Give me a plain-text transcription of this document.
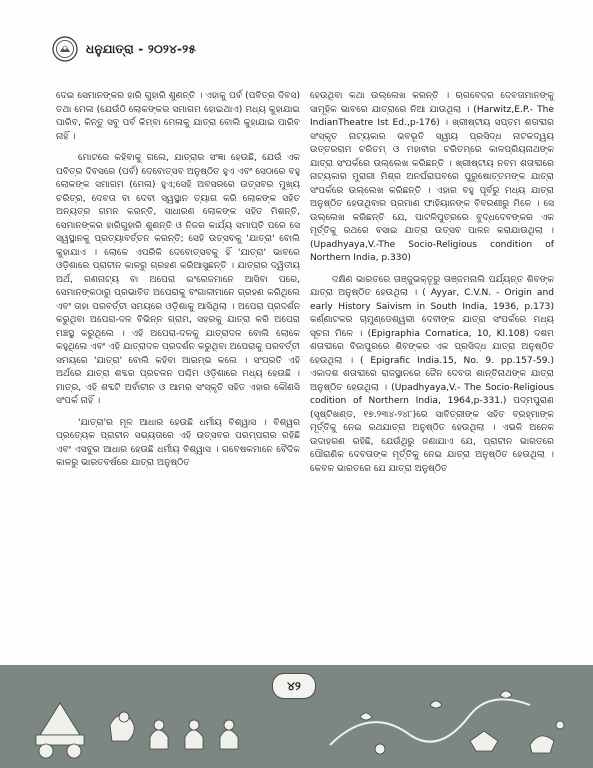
ଧନୁଯାତ୍ରା - ୨୦୨୪-୨୫

ଦେଇ ସେମାନଙ୍କର ହାରି ଗୁହାରି ଶୁଣନ୍ତି । ଏହାକୁ ପର୍ବ (ପବିତ୍ର ଦିବସ) ତଥା ମେଳା (ଯେଉଁଠି ଲୋକଙ୍କର ସମାଗମ ହୋଇଥାଏ) ମଧ୍ୟ କୁହାଯାଇ ପାରିବ, କିନ୍ତୁ ସବୁ ପର୍ବ କିମ୍ବା ମେଳାକୁ ଯାତ୍ରା ବୋଲି କୁହାଯାଇ ପାରିବ ନାହିଁ ।

ମୋଟରେ କହିବାକୁ ଗଲେ, ଯାତ୍ରାର ସଂଜ୍ଞା ହେଉଛି, ଯେଉଁ ଏକ ପବିତ୍ର ଦିବସରେ (ପର୍ବ) ଦେବୋତ୍ସବ ଅନୁଷ୍ଠିତ ହୁଏ ଏବଂ ସେଠାରେ ବହୁ ଲୋକଙ୍କ ସମାଗମ (ମେଳା) ହୁଏ;ସେହି ଅବସରରେ ଉତ୍ସବର ମୁଖ୍ୟ ଚରିତ୍ର, ଦେବତା ବା ଦେବୀ ସ୍ୱସ୍ଥାନ ତ୍ୟାଗ କରି ଲୋକଙ୍କ ସହିତ ଅନ୍ୟତ୍ର ଗମନ କରନ୍ତି, ସାଧାରଣ ଲୋକଙ୍କ ସହିତ ମିଶନ୍ତି, ସେମାନଙ୍କର ହାରିଗୁହାରି ଶୁଣନ୍ତି ଓ ନିଜର କାର୍ଯ୍ୟ ସମାପ୍ତି ପରେ ସେ ସ୍ୱସ୍ଥାନକୁ ପ୍ରତ୍ୟାବର୍ତ୍ତନ କରନ୍ତି; ସେହି ଉତ୍ସବକୁ 'ଯାତ୍ରା' ବୋଲି କୁହାଯାଏ । ଲୋକେ ଏପରିକି ଦେବୋତ୍ସବକୁ ହିଁ 'ଯାତ୍ରା' ଭାବରେ ଓଡ଼ିଶାରେ ପ୍ରାଚୀନ କାଳରୁ ଗ୍ରହଣ କରିଆସୁଛନ୍ତି । ଯାତ୍ରାର ଦ୍ୱିତୀୟ ଅର୍ଥ, ଗଣନାଟ୍ୟ ବା ଅପେରା ଇଂରେଜମାନେ ଆସିବା ପରେ, ସେମାନଙ୍କଠାରୁ ପ୍ରଭାବିତ ଅପେରାକୁ ବଂଗାଳୀମାନେ ଗ୍ରହଣ କରିଥିଲେ ଏବଂ ତାହା ପରବର୍ତ୍ତୀ ସମୟରେ ଓଡ଼ିଶାକୁ ଆସିଥିଲା । ଅପେରା ପ୍ରଦର୍ଶନ କରୁଥିବା ଅପେରା-ଦଳ ବିଭିନ୍ନ ଗ୍ରାମ, ସହରକୁ ଯାତ୍ରା କରି ଅପେରା ମଞ୍ଚସ୍ଥ କରୁଥିଲେ । ଏହି ଅପେରା-ଦଳକୁ ଯାତ୍ରାଦଳ ବୋଲି ଲୋକେ କହୁଥିଲେ ଏବଂ ଏହି ଯାତ୍ରାଦଳ ପ୍ରଦର୍ଶନ କରୁଥିବା ଅପେରାକୁ ପରବର୍ତ୍ତୀ ସମୟରେ 'ଯାତ୍ରା' ବୋଲି କହିବା ଆରମ୍ଭ କଲେ । ସଂପ୍ରତି ଏହି ଅର୍ଥରେ ଯାତ୍ରା ଶବ୍ଦର ପ୍ରଚଳନ ପଶ୍ଚିମ ଓଡ଼ିଶାରେ ମଧ୍ୟ ହେଉଛି । ମାତ୍ର, ଏହି ଶବ୍ଦଟି ଅର୍ବାଚୀନ ଓ ଆମର ସଂସ୍କୃତି ସହିତ ଏହାର କୌଣସି ସଂପର୍କ ନାହିଁ ।

'ଯାତ୍ରା'ର ମୂଳ ଆଧାର ହେଉଛି ଧର୍ମୀୟ ବିଶ୍ୱାସ । ବିଶ୍ୱର ପ୍ରତ୍ୟେକ ପ୍ରାଚୀନ ସଭ୍ୟତାରେ ଏହି ଉତ୍ସବର ପରମ୍ପରାର ରହିଛି ଏବଂ ଏସବୁର ଆଧାର ହେଉଛି ଧର୍ମୀୟ ବିଶ୍ୱାସ । ଗବେଷକମାନେ ବୈଦିକ କାଳରୁ ଭାରତବର୍ଷରେ ଯାତ୍ରା ଅନୁଷ୍ଠିତ

ହେଉଥିବା କଥା ଉଲ୍ଲେଖ କରନ୍ତି । ଋଗବେଦର ଦେବତାମାନଙ୍କୁ ସାମୂହିକ ଭାବରେ ଯାତ୍ରାରେ ନିଆ ଯାଉଥିଲା । (Harwitz,E.P.- The IndianTheatre Ist Ed.,p-176) । ଖ୍ରୀଷ୍ଟୀୟ ସପ୍ତମ ଶତାବ୍ଦୀର ସଂସ୍କୃତ ନାଟ୍ୟକାର ଭବଭୂତି ସ୍ୱୀୟ ପ୍ରସିଦ୍ଧ ନାଟକଦ୍ୱୟ ଉତ୍ତରରାମ ଚରିତମ୍ ଓ ମହାବୀର ଚରିତମ୍‌ରେ କାଳପ୍ରିୟନାଥଙ୍କ ଯାତ୍ରା ସଂପର୍କରେ ଉଲ୍ଲେଖ କରିଛନ୍ତି । ଖ୍ରୀଷ୍ଟୀୟ ନବମ ଶତାବ୍ଦୀରେ ନାଟ୍ୟକାର ମୁରାରୀ ମିଶ୍ର ଅନର୍ଘରାଘବରେ ପୁରୁଷୋତ୍ତମଙ୍କ ଯାତ୍ରା ସଂପର୍କରେ ଉଲ୍ଲେଖ କରିଛନ୍ତି । ଏହାର ବହୁ ପୂର୍ବରୁ ମଧ୍ୟ ଯାତ୍ରା ଅନୁଷ୍ଠିତ ହେଉଥିବାର ପ୍ରମାଣ ଫାହିୟାନଙ୍କ ବିବରଣୀରୁ ମିଳେ । ସେ ଉଲ୍ଲେଖ କରିଛନ୍ତି ଯେ, ପାଟଳିପୁତ୍ରରେ ବୁଦ୍ଧଦେବଙ୍କର ଏକ ମୂର୍ତ୍ତିକୁ ରଥରେ ବସାଇ ଯାତ୍ରା ଉତ୍ସବ ପାଳନ କରାଯାଉଥିଲା । (Upadhyaya,V.-The Socio-Religious condition of Northern India, p.330)

ଦକ୍ଷିଣ ଭାରତରେ ତାଞ୍ଜୁଭକ୍ତୂରୁ ତାଞ୍ଜମନାଲି ପର୍ଯ୍ୟନ୍ତ ଶିବଙ୍କ ଯାତ୍ରା ଅନୁଷ୍ଠିତ ହେଉଥିଲା । ( Ayyar, C.V.N. - Origin and early History Saivism in South India, 1936, p.173) କର୍ଣ୍ଣାଟକର ଚାମୁଣ୍ଡେଶ୍ୱରୀ ଦେବୀଙ୍କ ଯାତ୍ରା ସଂପର୍କରେ ମଧ୍ୟ ସୂଚନା ମିଳେ । (Epigraphia Cornatica, 10, Kl.108) ଦଶମ ଶତାବ୍ଦୀରେ ବିଜାପୁରରେ ଶିବଙ୍କର ଏକ ପ୍ରସିଦ୍ଧ ଯାତ୍ରା ଅନୁଷ୍ଠିତ ହେଉଥିଲା । ( Epigrafic India.15, No. 9. pp.157-59.) ଏକାଦଶ ଶତାବ୍ଦୀରେ ରାଜସ୍ଥାନରେ ଜୈନ ଦେବତା ଶାନ୍ତିନାଥଙ୍କ ଯାତ୍ରା ଅନୁଷ୍ଠିତ ହେଉଥିଲା । (Upadhyaya,V.- The Socio-Religious codition of Northern India, 1964,p-331.) ପଦ୍ମପୁରାଣ (ସୃଷ୍ଟିଖଣ୍ଡ, ୧୭.୨୩୪-୨୪୮)ରେ ସାବିତ୍ରୀଙ୍କ ସହିତ ବ୍ରହ୍ମାଙ୍କ ମୂର୍ତ୍ତିକୁ ନେଇ ରଥଯାତ୍ରା ଅନୁଷ୍ଠିତ ହେଉଥିଲା । ଏଭଳି ଅନେକ ଉଦାହରଣ ରହିଛି, ଯେଉଁଥିରୁ ଜଣାଯାଏ ଯେ, ପ୍ରାଚୀନ ଭାରତରେ ପୌରାଣିକ ଦେବତାଙ୍କ ମୂର୍ତ୍ତିକୁ ନେଇ ଯାତ୍ରା ଅନୁଷ୍ଠିତ ହେଉଥିଲା । କେବଳ ଭାରତରେ ଯେ ଯାତ୍ରା ଅନୁଷ୍ଠିତ

୪୨
